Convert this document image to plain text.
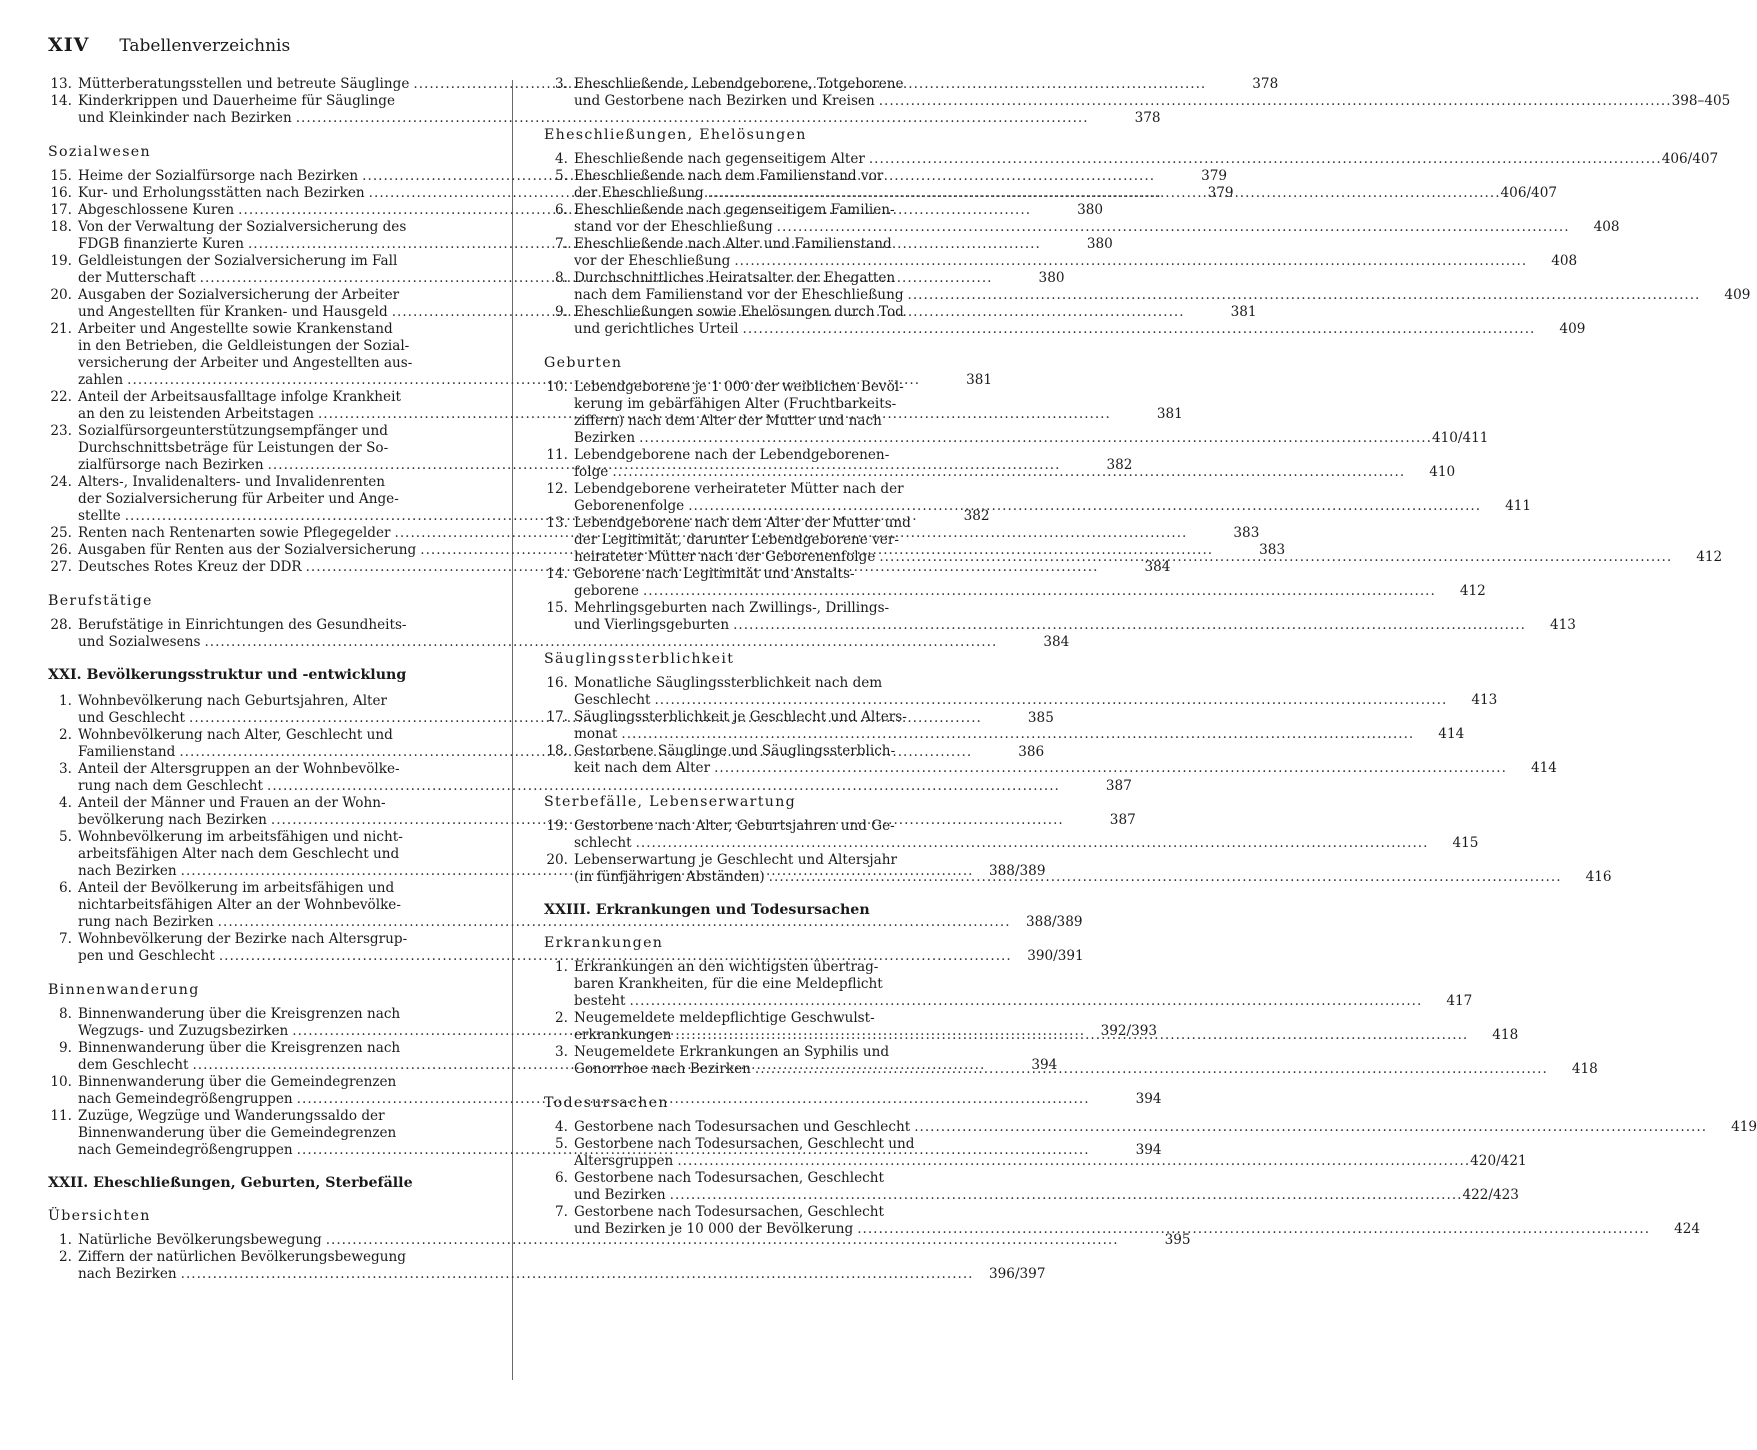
XIV Tabellenverzeichnis
13. Mütterberatungsstellen und betreute Säuglinge .....	378
14. Kinderkrippen und Dauerheime für Säuglinge
und Kleinkinder nach Bezirken .....	378
Sozialwesen
15. Heime der Sozialfürsorge nach Bezirken .....	379
16. Kur- und Erholungsstätten nach Bezirken .....	379
17. Abgeschlossene Kuren .....	380
18. Von der Verwaltung der Sozialversicherung des
FDGB finanzierte Kuren .....	380
19. Geldleistungen der Sozialversicherung im Fall
der Mutterschaft .....	380
20. Ausgaben der Sozialversicherung der Arbeiter
und Angestellten für Kranken- und Hausgeld .....	381
21. Arbeiter und Angestellte sowie Krankenstand
in den Betrieben, die Geldleistungen der Sozial-
versicherung der Arbeiter und Angestellten aus-
zahlen .....	381
22. Anteil der Arbeitsausfalltage infolge Krankheit
an den zu leistenden Arbeitstagen .....	381
23. Sozialfürsorgeunterstützungsempfänger und
Durchschnittsbeträge für Leistungen der So-
zialfürsorge nach Bezirken .....	382
24. Alters-, Invalidenalters- und Invalidenrenten
der Sozialversicherung für Arbeiter und Ange-
stellte .....	382
25. Renten nach Rentenarten sowie Pflegegelder .....	383
26. Ausgaben für Renten aus der Sozialversicherung .....	383
27. Deutsches Rotes Kreuz der DDR .....	384
Berufstätige
28. Berufstätige in Einrichtungen des Gesundheits-
und Sozialwesens .....	384
XXI. Bevölkerungsstruktur und -entwicklung
1. Wohnbevölkerung nach Geburtsjahren, Alter
und Geschlecht .....	385
2. Wohnbevölkerung nach Alter, Geschlecht und
Familienstand .....	386
3. Anteil der Altersgruppen an der Wohnbevölke-
rung nach dem Geschlecht .....	387
4. Anteil der Männer und Frauen an der Wohn-
bevölkerung nach Bezirken .....	387
5. Wohnbevölkerung im arbeitsfähigen und nicht-
arbeitsfähigen Alter nach dem Geschlecht und
nach Bezirken .....	388/389
6. Anteil der Bevölkerung im arbeitsfähigen und
nichtarbeitsfähigen Alter an der Wohnbevölke-
rung nach Bezirken .....	388/389
7. Wohnbevölkerung der Bezirke nach Altersgrup-
pen und Geschlecht .....	390/391
Binnenwanderung
8. Binnenwanderung über die Kreisgrenzen nach
Wegzugs- und Zuzugsbezirken .....	392/393
9. Binnenwanderung über die Kreisgrenzen nach
dem Geschlecht .....	394
10. Binnenwanderung über die Gemeindegrenzen
nach Gemeindegrößengruppen .....	394
11. Zuzüge, Wegzüge und Wanderungssaldo der
Binnenwanderung über die Gemeindegrenzen
nach Gemeindegrößengruppen .....	394
XXII. Eheschließungen, Geburten, Sterbefälle
Übersichten
1. Natürliche Bevölkerungsbewegung .....	395
2. Ziffern der natürlichen Bevölkerungsbewegung
nach Bezirken .....	396/397
3. Eheschließende, Lebendgeborene, Totgeborene
und Gestorbene nach Bezirken und Kreisen .....	398–405
Eheschließungen, Ehelösungen
4. Eheschließende nach gegenseitigem Alter .....	406/407
5. Eheschließende nach dem Familienstand vor
der Eheschließung .....	406/407
6. Eheschließende nach gegenseitigem Familien-
stand vor der Eheschließung .....	408
7. Eheschließende nach Alter und Familienstand
vor der Eheschließung .....	408
8. Durchschnittliches Heiratsalter der Ehegatten
nach dem Familienstand vor der Eheschließung .....	409
9. Eheschließungen sowie Ehelösungen durch Tod
und gerichtliches Urteil .....	409
Geburten
10. Lebendgeborene je 1 000 der weiblichen Bevöl-
kerung im gebärfähigen Alter (Fruchtbarkeits-
ziffern) nach dem Alter der Mutter und nach
Bezirken .....	410/411
11. Lebendgeborene nach der Lebendgeborenen-
folge .....	410
12. Lebendgeborene verheirateter Mütter nach der
Geborenenfolge .....	411
13. Lebendgeborene nach dem Alter der Mutter und
der Legitimität, darunter Lebendgeborene ver-
heirateter Mütter nach der Geborenenfolge .....	412
14. Geborene nach Legitimität und Anstalts-
geborene .....	412
15. Mehrlingsgeburten nach Zwillings-, Drillings-
und Vierlingsgeburten .....	413
Säuglingssterblichkeit
16. Monatliche Säuglingssterblichkeit nach dem
Geschlecht .....	413
17. Säuglingssterblichkeit je Geschlecht und Alters-
monat .....	414
18. Gestorbene Säuglinge und Säuglingssterblich-
keit nach dem Alter .....	414
Sterbefälle, Lebenserwartung
19. Gestorbene nach Alter, Geburtsjahren und Ge-
schlecht .....	415
20. Lebenserwartung je Geschlecht und Altersjahr
(in fünfjährigen Abständen) .....	416
XXIII. Erkrankungen und Todesursachen
Erkrankungen
1. Erkrankungen an den wichtigsten übertrag-
baren Krankheiten, für die eine Meldepflicht
besteht .....	417
2. Neugemeldete meldepflichtige Geschwulst-
erkrankungen .....	418
3. Neugemeldete Erkrankungen an Syphilis und
Gonorrhoe nach Bezirken .....	418
Todesursachen
4. Gestorbene nach Todesursachen und Geschlecht .....	419
5. Gestorbene nach Todesursachen, Geschlecht und
Altersgruppen .....	420/421
6. Gestorbene nach Todesursachen, Geschlecht
und Bezirken .....	422/423
7. Gestorbene nach Todesursachen, Geschlecht
und Bezirken je 10 000 der Bevölkerung .....	424
